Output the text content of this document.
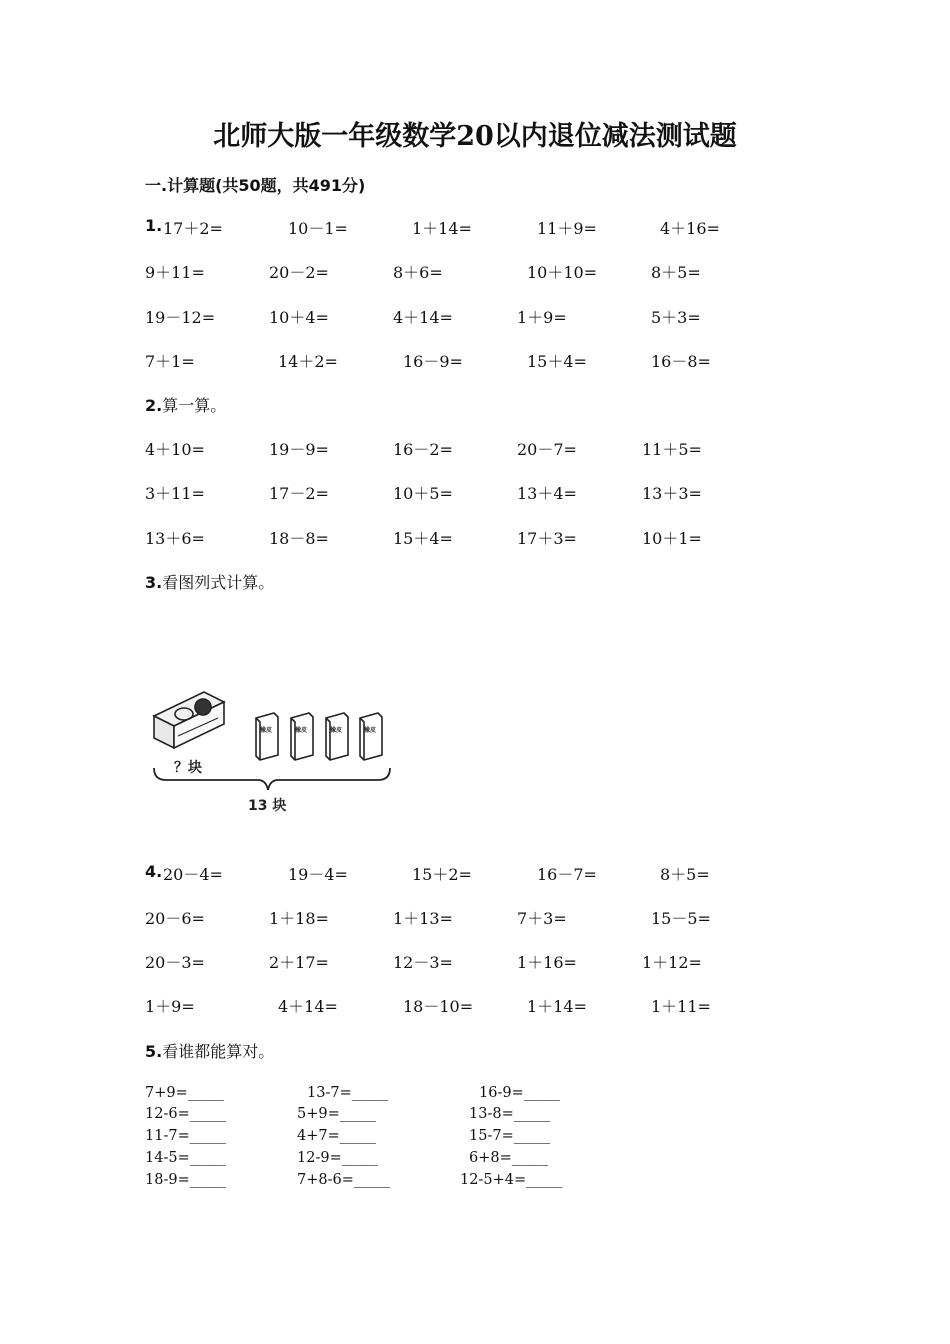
北师大版一年级数学20以内退位减法测试题
一.计算题(共50题，共491分)
1. 17＋2=	10－1=	1＋14=	11＋9=	4＋16=
9＋11=	20－2=	8＋6=	10＋10=	8＋5=
19－12=	10＋4=	4＋14=	1＋9=	5＋3=
7＋1=	14＋2=	16－9=	15＋4=	16－8=
2.算一算。
4＋10=	19－9=	16－2=	20－7=	11＋5=
3＋11=	17－2=	10＋5=	13＋4=	13＋3=
13＋6=	18－8=	15＋4=	17＋3=	10＋1=
3.看图列式计算。
橡皮	橡皮	橡皮	橡皮
？块
13 块
4. 20－4=	19－4=	15＋2=	16－7=	8＋5=
20－6=	1＋18=	1＋13=	7＋3=	15－5=
20－3=	2＋17=	12－3=	1＋16=	1＋12=
1＋9=	4＋14=	18－10=	1＋14=	1＋11=
5.看谁都能算对。
7+9=_____	13-7=_____	16-9=_____
12-6=_____	5+9=_____	13-8=_____
11-7=_____	4+7=_____	15-7=_____
14-5=_____	12-9=_____	6+8=_____
18-9=_____	7+8-6=_____	12-5+4=_____
